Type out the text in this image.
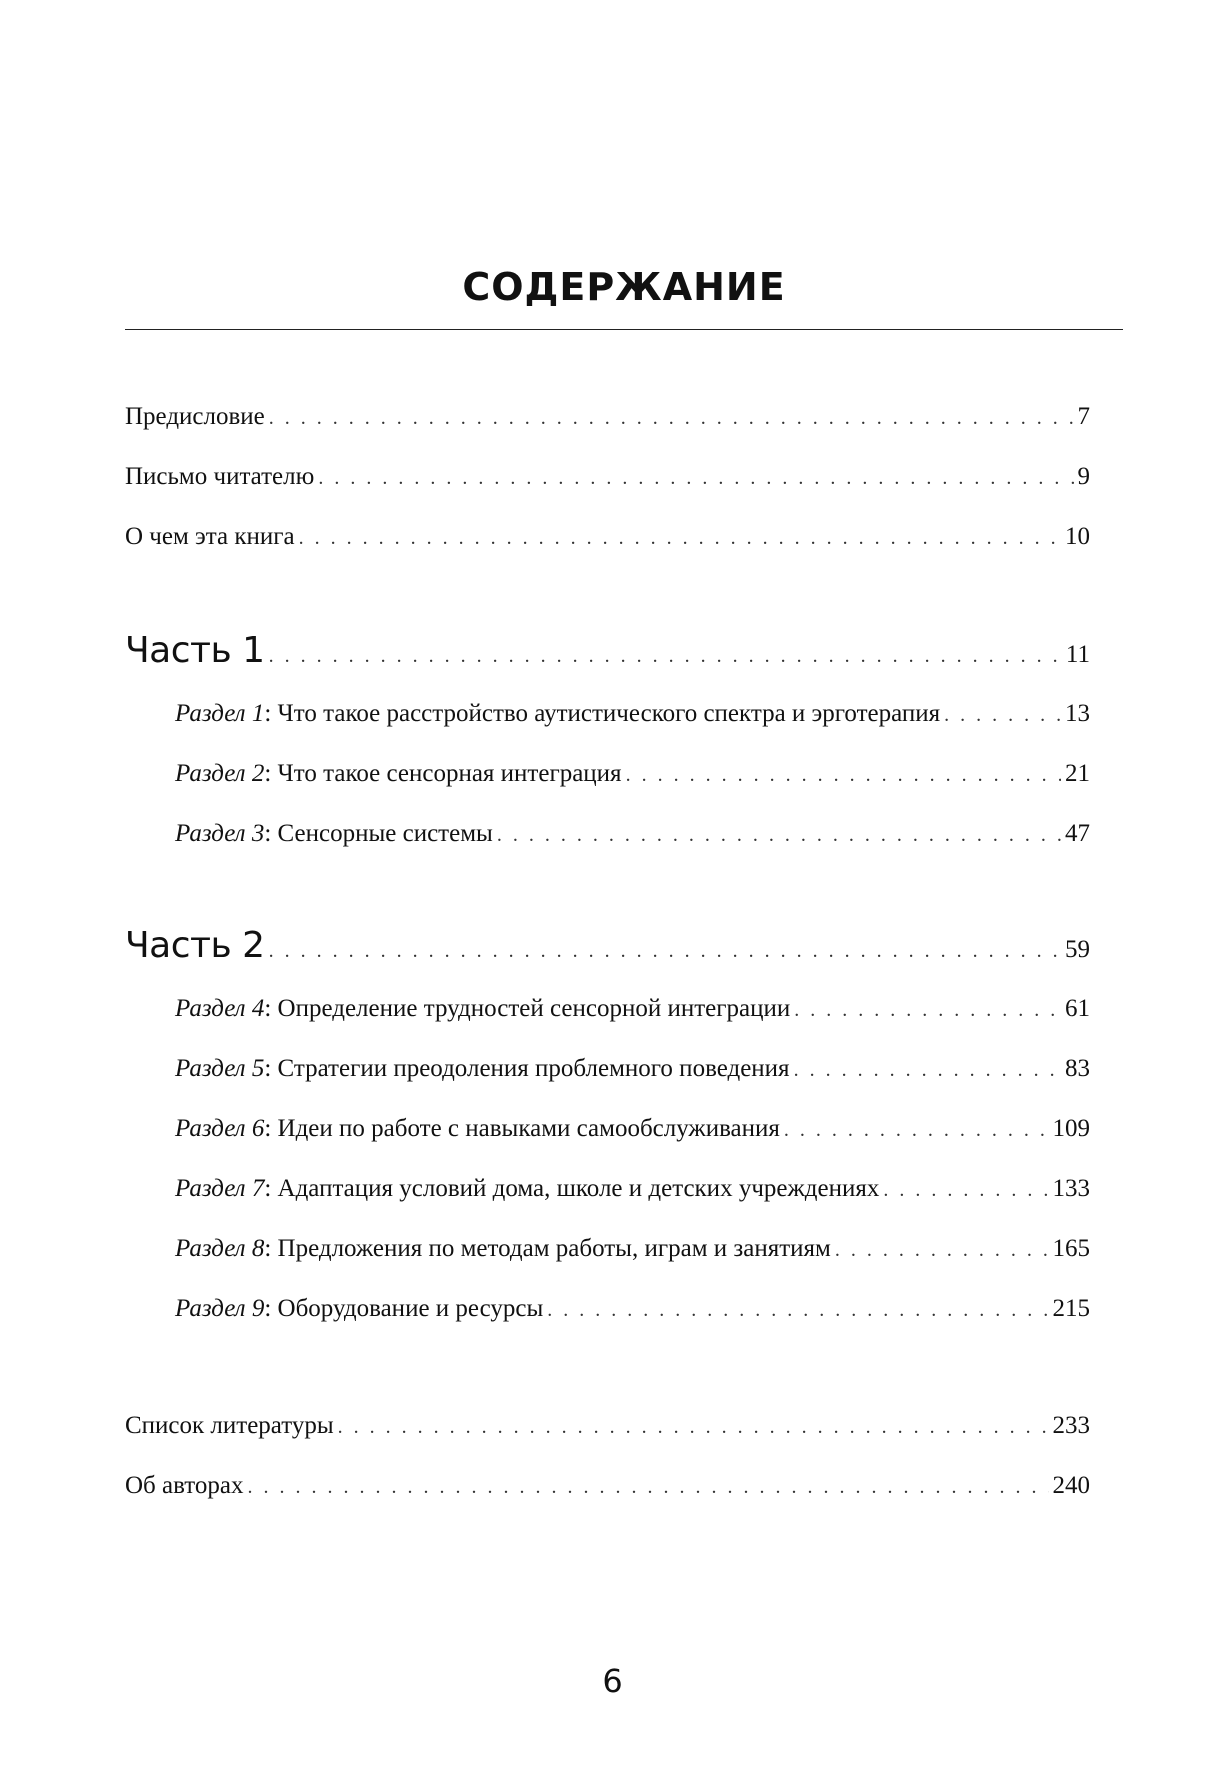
СОДЕРЖАНИЕ
Предисловие . . .	7
Письмо читателю . . .	9
О чем эта книга . . .	10
Часть 1 . . .	11
Раздел 1: Что такое расстройство аутистического спектра и эрготерапия . . .	13
Раздел 2: Что такое сенсорная интеграция . . .	21
Раздел 3: Сенсорные системы . . .	47
Часть 2 . . .	59
Раздел 4: Определение трудностей сенсорной интеграции . . .	61
Раздел 5: Стратегии преодоления проблемного поведения . . .	83
Раздел 6: Идеи по работе с навыками самообслуживания . . .	109
Раздел 7: Адаптация условий дома, школе и детских учреждениях . . .	133
Раздел 8: Предложения по методам работы, играм и занятиям . . .	165
Раздел 9: Оборудование и ресурсы . . .	215
Список литературы . . .	233
Об авторах . . .	240
6
